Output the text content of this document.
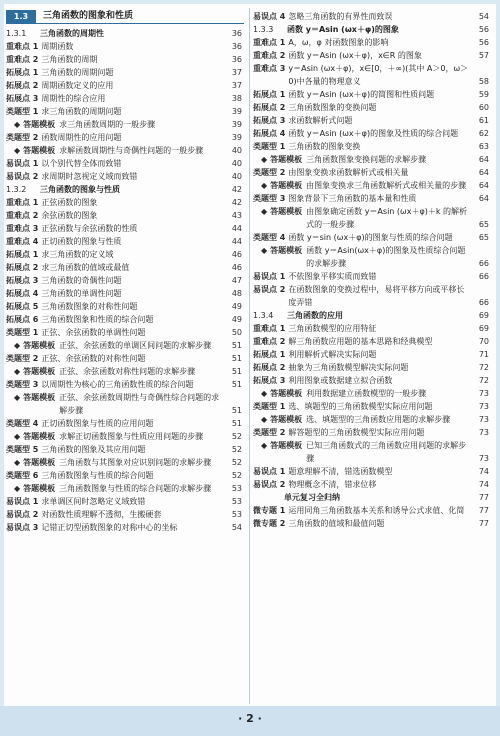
1.3	三角函数的图象和性质
1.3.1	三角函数的周期性	36
重难点 1 周期函数	36
重难点 2 三角函数的周期	36
拓展点 1 三角函数的周期问题	37
拓展点 2 周期函数定义的应用	37
拓展点 3 周期性的综合应用	38
类题型 1 求三角函数的周期问题	39
◆ 答题模板 求三角函数周期的一般步骤	39
类题型 2 函数周期性的应用问题	39
◆ 答题模板 求解函数周期性与奇偶性问题的一般步骤	40
易误点 1 以个别代替全体而致错	40
易误点 2 求周期时忽视定义域而致错	40
1.3.2	三角函数的图象与性质	42
重难点 1 正弦函数的图象	42
重难点 2 余弦函数的图象	43
重难点 3 正弦函数与余弦函数的性质	44
重难点 4 正切函数的图象与性质	44
拓展点 1 求三角函数的定义域	46
拓展点 2 求三角函数的值域或最值	46
拓展点 3 三角函数的奇偶性问题	47
拓展点 4 三角函数的单调性问题	48
拓展点 5 三角函数图象的对称性问题	49
拓展点 6 三角函数图象和性质的综合问题	49
类题型 1 正弦、余弦函数的单调性问题	50
◆ 答题模板 正弦、余弦函数的单调区间问题的求解步骤	51
类题型 2 正弦、余弦函数的对称性问题	51
◆ 答题模板 正弦、余弦函数对称性问题的求解步骤	51
类题型 3 以周期性为核心的三角函数性质的综合问题	51
◆ 答题模板 正弦、余弦函数周期性与奇偶性综合问题的求解步骤	51
类题型 4 正切函数图象与性质的应用问题	51
◆ 答题模板 求解正切函数图象与性质应用问题的步骤	52
类题型 5 三角函数的图象及其应用问题	52
◆ 答题模板 三角函数与其图象对应识别问题的求解步骤	52
类题型 6 三角函数图象与性质的综合问题	52
◆ 答题模板 三角函数图象与性质的综合问题的求解步骤	53
易误点 1 求单调区间时忽略定义域致错	53
易误点 2 对函数性质理解不透彻，生搬硬套	53
易误点 3 记错正切型函数图象的对称中心的坐标	54
易误点 4 忽略三角函数的有界性而致误	54
1.3.3	函数 y＝Asin (ωx＋φ)的图象	56
重难点 1 A，ω，φ 对函数图象的影响	56
重难点 2 函数 y＝Asin (ωx＋φ)，x∈R 的图象	57
重难点 3 y＝Asin (ωx＋φ)，x∈[0，＋∞)(其中 A＞0，ω＞0)中各量的物理意义	58
拓展点 1 函数 y＝Asin (ωx＋φ)的简图和性质问题	59
拓展点 2 三角函数图象的变换问题	60
拓展点 3 求函数解析式问题	61
拓展点 4 函数 y＝Asin (ωx＋φ)的图象及性质的综合问题	62
类题型 1 三角函数的图象变换	63
◆ 答题模板 三角函数图象变换问题的求解步骤	64
类题型 2 由图象变换求函数解析式或相关量	64
◆ 答题模板 由图象变换求三角函数解析式或相关量的步骤	64
类题型 3 图象背景下三角函数的基本量和性质	64
◆ 答题模板 由图象确定函数 y＝Asin (ωx＋φ)＋k 的解析式的一般步骤	65
类题型 4 函数 y＝sin (ωx＋φ)的图象与性质的综合问题	65
◆ 答题模板 函数 y＝Asin(ωx＋φ)的图象及性质综合问题的求解步骤	66
易误点 1 不依图象平移实质而致错	66
易误点 2 在函数图象的变换过程中，易将平移方向或平移长度弄错	66
1.3.4	三角函数的应用	69
重难点 1 三角函数模型的应用特征	69
重难点 2 解三角函数应用题的基本思路和经典模型	70
拓展点 1 利用解析式解决实际问题	71
拓展点 2 抽象为三角函数模型解决实际问题	72
拓展点 3 利用图象或数据建立拟合函数	72
◆ 答题模板 利用数据建立函数模型的一般步骤	73
类题型 1 选、填题型的三角函数模型实际应用问题	73
◆ 答题模板 选、填题型的三角函数应用题的求解步骤	73
类题型 2 解答题型的三角函数模型实际应用问题	73
◆ 答题模板 已知三角函数式的三角函数应用问题的求解步骤	73
易误点 1 题意理解不清，错选函数模型	74
易误点 2 物理概念不清，错求位移	74
单元复习全归纳	77
微专题 1 运用同角三角函数基本关系和诱导公式求值、化简	77
微专题 2 三角函数的值域和最值问题	77
· 2 ·
